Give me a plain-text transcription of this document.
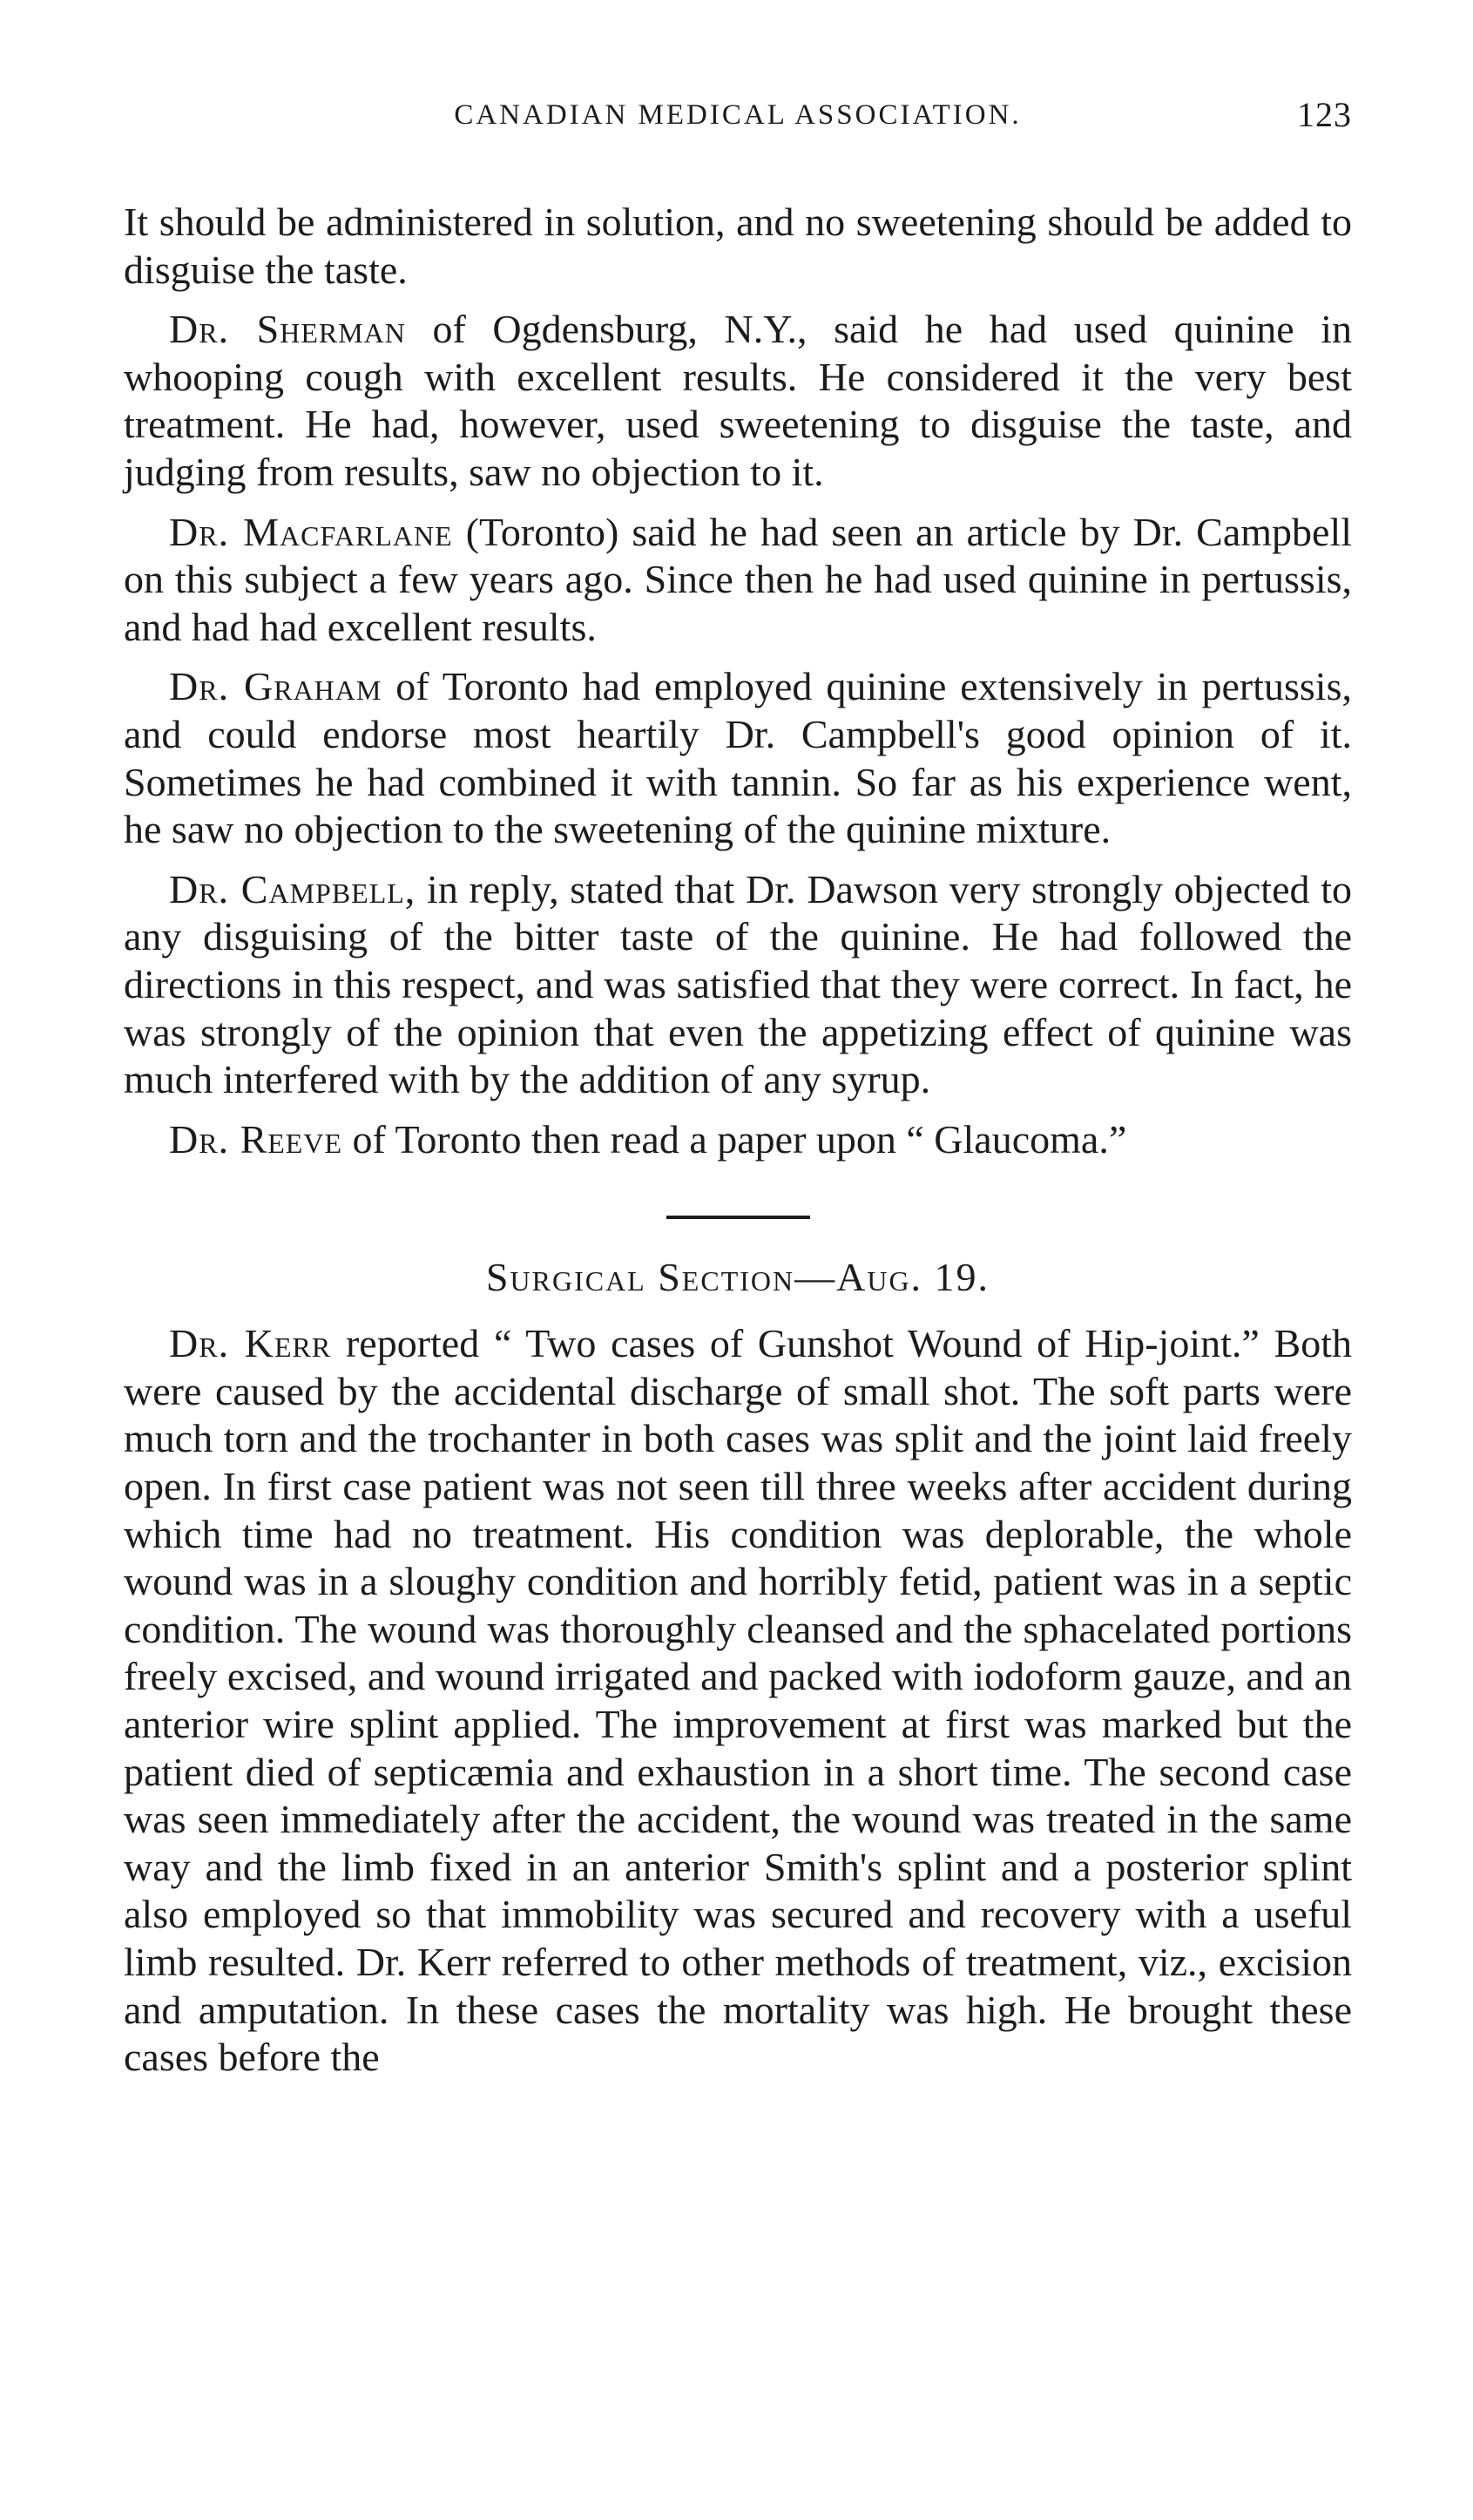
CANADIAN MEDICAL ASSOCIATION.	123

It should be administered in solution, and no sweetening should be added to disguise the taste.

Dr. Sherman of Ogdensburg, N.Y., said he had used quinine in whooping cough with excellent results. He considered it the very best treatment. He had, however, used sweetening to disguise the taste, and judging from results, saw no objection to it.

Dr. Macfarlane (Toronto) said he had seen an article by Dr. Campbell on this subject a few years ago. Since then he had used quinine in pertussis, and had had excellent results.

Dr. Graham of Toronto had employed quinine extensively in pertussis, and could endorse most heartily Dr. Campbell's good opinion of it. Sometimes he had combined it with tannin. So far as his experience went, he saw no objection to the sweetening of the quinine mixture.

Dr. Campbell, in reply, stated that Dr. Dawson very strongly objected to any disguising of the bitter taste of the quinine. He had followed the directions in this respect, and was satisfied that they were correct. In fact, he was strongly of the opinion that even the appetizing effect of quinine was much interfered with by the addition of any syrup.

Dr. Reeve of Toronto then read a paper upon “ Glaucoma.”

Surgical Section—Aug. 19.

Dr. Kerr reported “ Two cases of Gunshot Wound of Hip-joint.” Both were caused by the accidental discharge of small shot. The soft parts were much torn and the trochanter in both cases was split and the joint laid freely open. In first case patient was not seen till three weeks after accident during which time had no treatment. His condition was deplorable, the whole wound was in a sloughy condition and horribly fetid, patient was in a septic condition. The wound was thoroughly cleansed and the sphacelated portions freely excised, and wound irrigated and packed with iodoform gauze, and an anterior wire splint applied. The improvement at first was marked but the patient died of septicæmia and exhaustion in a short time. The second case was seen immediately after the accident, the wound was treated in the same way and the limb fixed in an anterior Smith's splint and a posterior splint also employed so that immobility was secured and recovery with a useful limb resulted. Dr. Kerr referred to other methods of treatment, viz., excision and amputation. In these cases the mortality was high. He brought these cases before the
